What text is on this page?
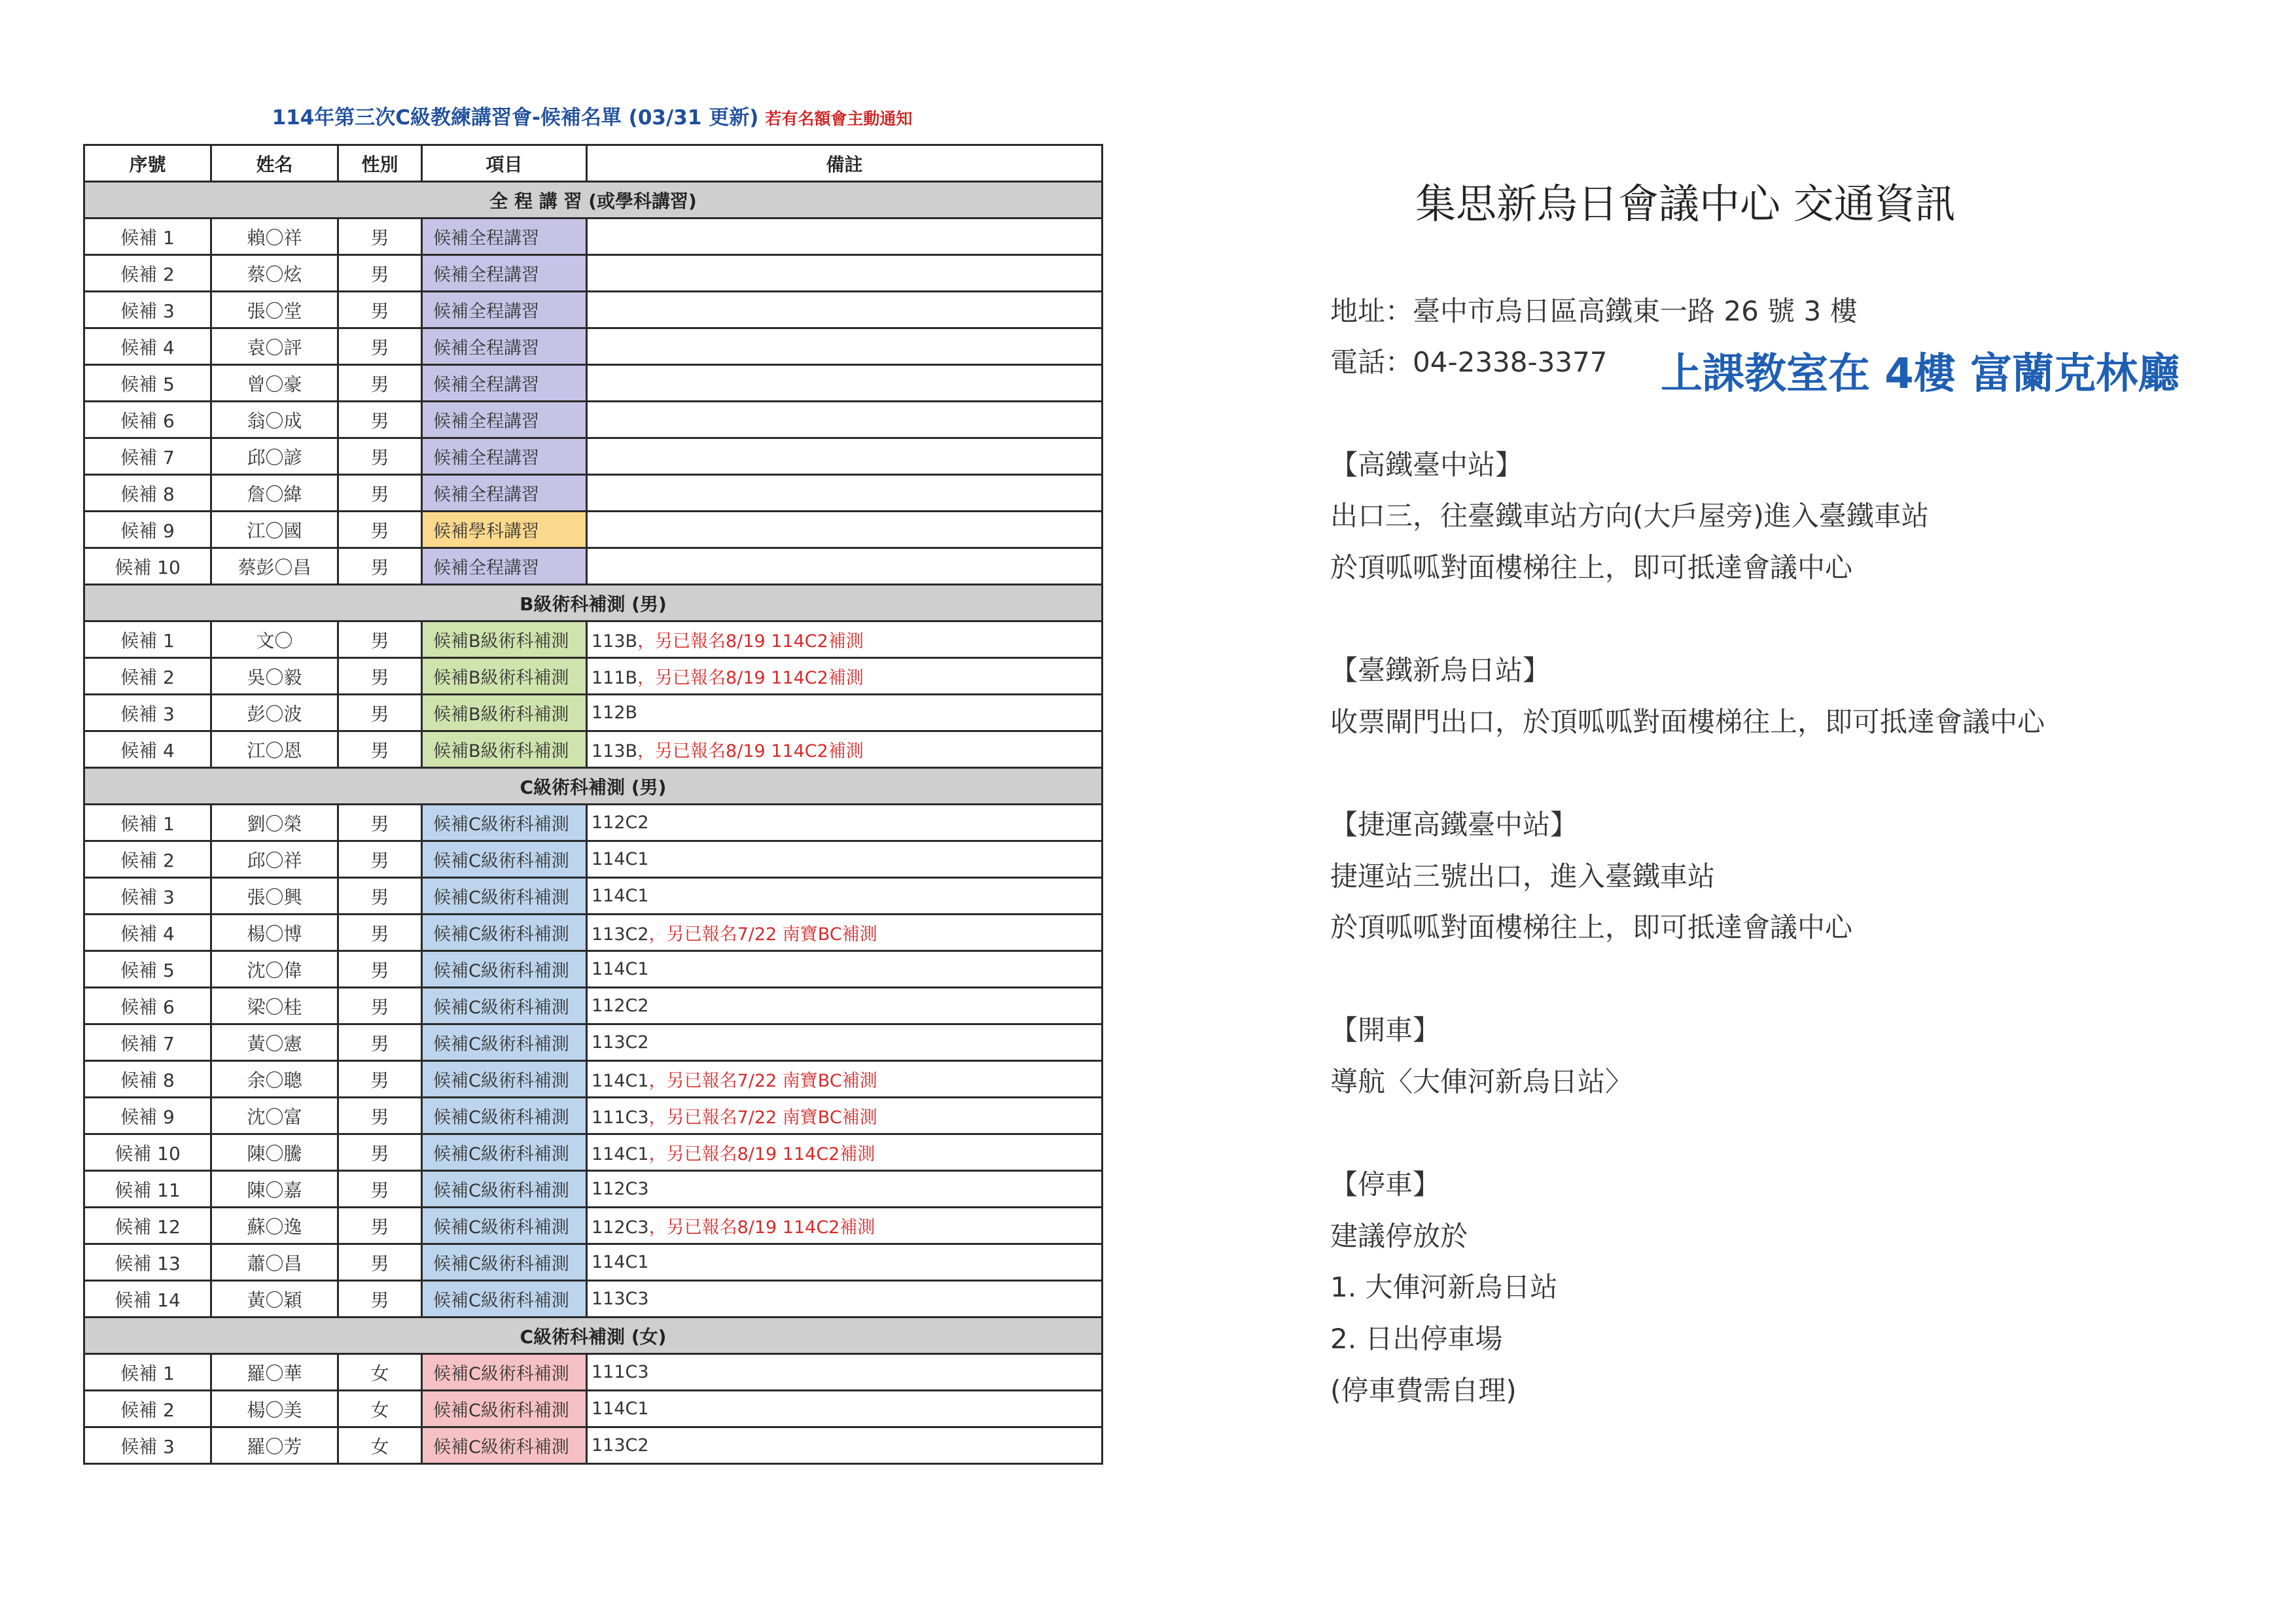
114年第三次C級教練講習會-候補名單 (03/31 更新) 若有名額會主動通知
序號	姓名	性別	項目	備註
全 程 講 習 (或學科講習)				
候補 1	賴〇祥	男	候補全程講習	
候補 2	蔡〇炫	男	候補全程講習	
候補 3	張〇堂	男	候補全程講習	
候補 4	袁〇評	男	候補全程講習	
候補 5	曾〇豪	男	候補全程講習	
候補 6	翁〇成	男	候補全程講習	
候補 7	邱〇諺	男	候補全程講習	
候補 8	詹〇緯	男	候補全程講習	
候補 9	江〇國	男	候補學科講習	
候補 10	蔡彭〇昌	男	候補全程講習	
B級術科補測 (男)				
候補 1	文〇	男	候補B級術科補測	113B，另已報名8/19 114C2補測
候補 2	吳〇毅	男	候補B級術科補測	111B，另已報名8/19 114C2補測
候補 3	彭〇波	男	候補B級術科補測	112B
候補 4	江〇恩	男	候補B級術科補測	113B，另已報名8/19 114C2補測
C級術科補測 (男)				
候補 1	劉〇榮	男	候補C級術科補測	112C2
候補 2	邱〇祥	男	候補C級術科補測	114C1
候補 3	張〇興	男	候補C級術科補測	114C1
候補 4	楊〇博	男	候補C級術科補測	113C2，另已報名7/22 南寶BC補測
候補 5	沈〇偉	男	候補C級術科補測	114C1
候補 6	梁〇桂	男	候補C級術科補測	112C2
候補 7	黃〇憲	男	候補C級術科補測	113C2
候補 8	余〇聰	男	候補C級術科補測	114C1，另已報名7/22 南寶BC補測
候補 9	沈〇富	男	候補C級術科補測	111C3，另已報名7/22 南寶BC補測
候補 10	陳〇騰	男	候補C級術科補測	114C1，另已報名8/19 114C2補測
候補 11	陳〇嘉	男	候補C級術科補測	112C3
候補 12	蘇〇逸	男	候補C級術科補測	112C3，另已報名8/19 114C2補測
候補 13	蕭〇昌	男	候補C級術科補測	114C1
候補 14	黃〇穎	男	候補C級術科補測	113C3
C級術科補測 (女)				
候補 1	羅〇華	女	候補C級術科補測	111C3
候補 2	楊〇美	女	候補C級術科補測	114C1
候補 3	羅〇芳	女	候補C級術科補測	113C2
集思新烏日會議中心 交通資訊
地址：臺中市烏日區高鐵東一路 26 號 3 樓
電話：04-2338-3377 上課教室在 4樓 富蘭克林廳
【高鐵臺中站】
出口三，往臺鐵車站方向(大戶屋旁)進入臺鐵車站
於頂呱呱對面樓梯往上，即可抵達會議中心
【臺鐵新烏日站】
收票閘門出口，於頂呱呱對面樓梯往上，即可抵達會議中心
【捷運高鐵臺中站】
捷運站三號出口，進入臺鐵車站
於頂呱呱對面樓梯往上，即可抵達會議中心
【開車】
導航〈大俥河新烏日站〉
【停車】
建議停放於
1. 大俥河新烏日站
2. 日出停車場
(停車費需自理)
